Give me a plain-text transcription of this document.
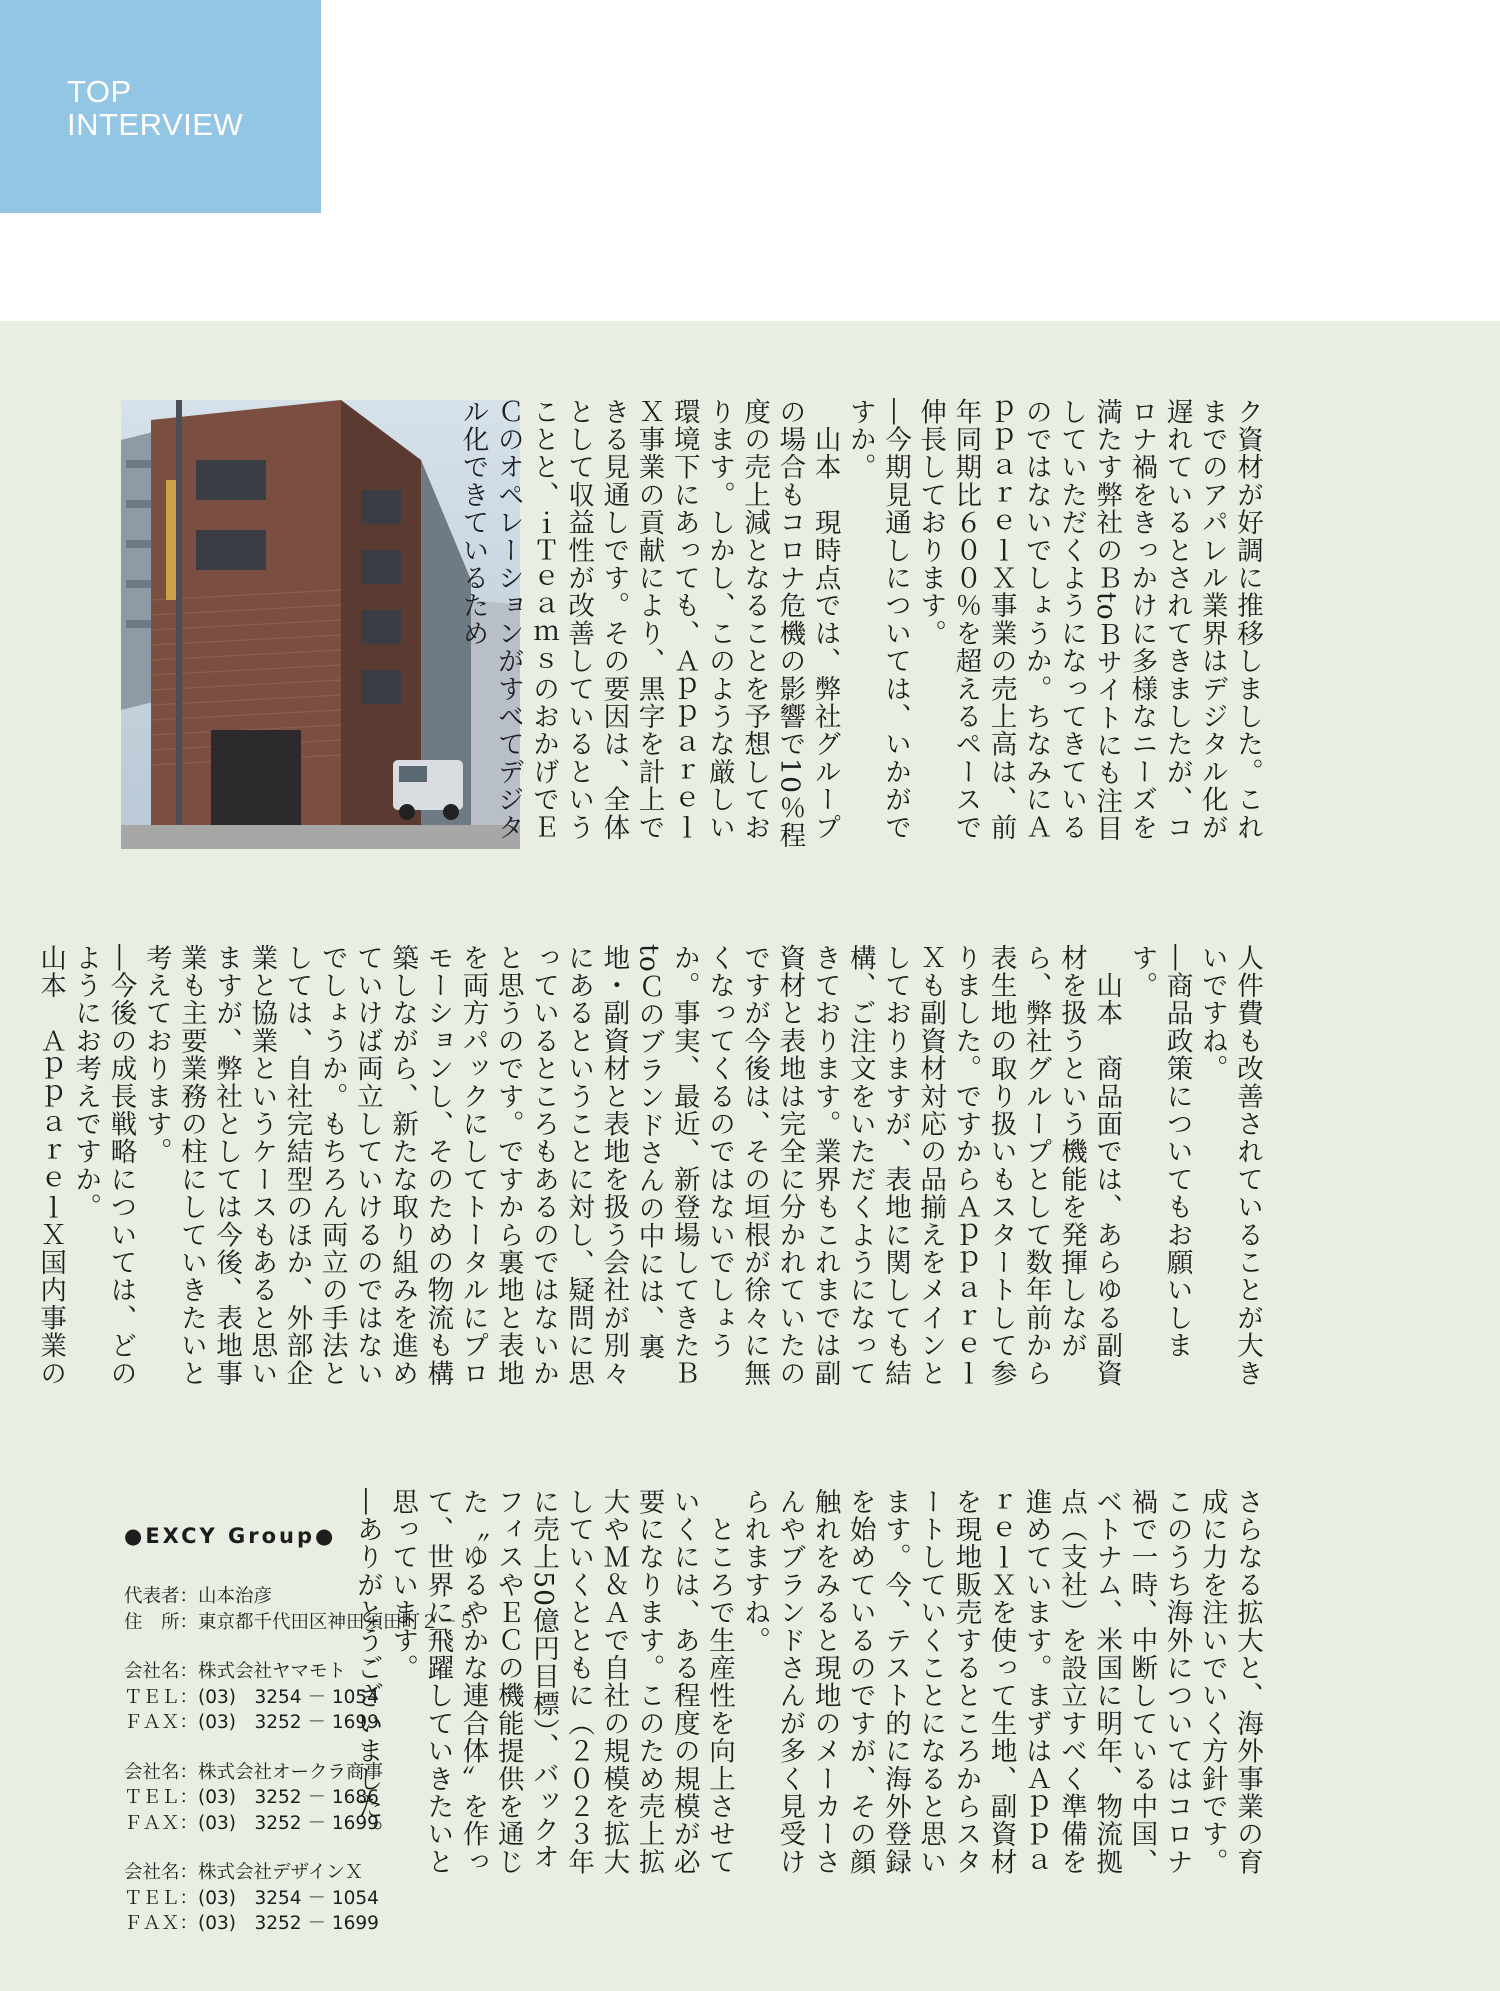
TOP
INTERVIEW

ク資材が好調に推移しました。これまでのアパレル業界はデジタル化が遅れているとされてきましたが、コロナ禍をきっかけに多様なニーズを満たす弊社のＢtoＢサイトにも注目していただくようになってきているのではないでしょうか。ちなみにＡｐｐａｒｅｌＸ事業の売上高は、前年同期比６００％を超えるペースで伸長しております。
―今期見通しについては、いかがですか。
　山本　現時点では、弊社グループの場合もコロナ危機の影響で10％程度の売上減となることを予想しております。しかし、このような厳しい環境下にあっても、ＡｐｐａｒｅｌＸ事業の貢献により、黒字を計上できる見通しです。その要因は、全体として収益性が改善しているということと、ｉＴｅａｍｓのおかげでＥＣのオペレーションがすべてデジタル化できているため

人件費も改善されていることが大きいですね。
―商品政策についてもお願いします。
　山本　商品面では、あらゆる副資材を扱うという機能を発揮しながら、弊社グループとして数年前から表生地の取り扱いもスタートして参りました。ですからＡｐｐａｒｅｌＸも副資材対応の品揃えをメインとしておりますが、表地に関しても結構、ご注文をいただくようになってきております。業界もこれまでは副資材と表地は完全に分かれていたのですが今後は、その垣根が徐々に無くなってくるのではないでしょうか。事実、最近、新登場してきたＢtoＣのブランドさんの中には、裏地・副資材と表地を扱う会社が別々にあるということに対し、疑問に思っているところもあるのではないかと思うのです。ですから裏地と表地を両方パックにしてトータルにプロモーションし、そのための物流も構築しながら、新たな取り組みを進めていけば両立していけるのではないでしょうか。もちろん両立の手法としては、自社完結型のほか、外部企業と協業というケースもあると思いますが、弊社としては今後、表地事業も主要業務の柱にしていきたいと考えております。
―今後の成長戦略については、どのようにお考えですか。
山本　ＡｐｐａｒｅｌＸ国内事業の

さらなる拡大と、海外事業の育成に力を注いでいく方針です。このうち海外についてはコロナ禍で一時、中断している中国、ベトナム、米国に明年、物流拠点（支社）を設立すべく準備を進めています。まずはＡｐｐａｒｅｌＸを使って生地、副資材を現地販売するところからスタートしていくことになると思います。今、テスト的に海外登録を始めているのですが、その顔触れをみると現地のメーカーさんやブランドさんが多く見受けられますね。
　ところで生産性を向上させていくには、ある程度の規模が必要になります。このため売上拡大やＭ＆Ａで自社の規模を拡大していくとともに（２０２３年に売上50億円目標）、バックオフィスやＥＣの機能提供を通じた〝ゆるやかな連合体〟を作って、世界に飛躍していきたいと思っています。
―ありがとうございました。

●EXCY Group●
代表者：山本治彦
住　所：東京都千代田区神田須田町２－５
会社名：株式会社ヤマモト
ＴＥＬ：(03)　3254 － 1054
ＦＡＸ：(03)　3252 － 1699
会社名：株式会社オークラ商事
ＴＥＬ：(03)　3252 － 1686
ＦＡＸ：(03)　3252 － 1699
会社名：株式会社デザインＸ
ＴＥＬ：(03)　3254 － 1054
ＦＡＸ：(03)　3252 － 1699
